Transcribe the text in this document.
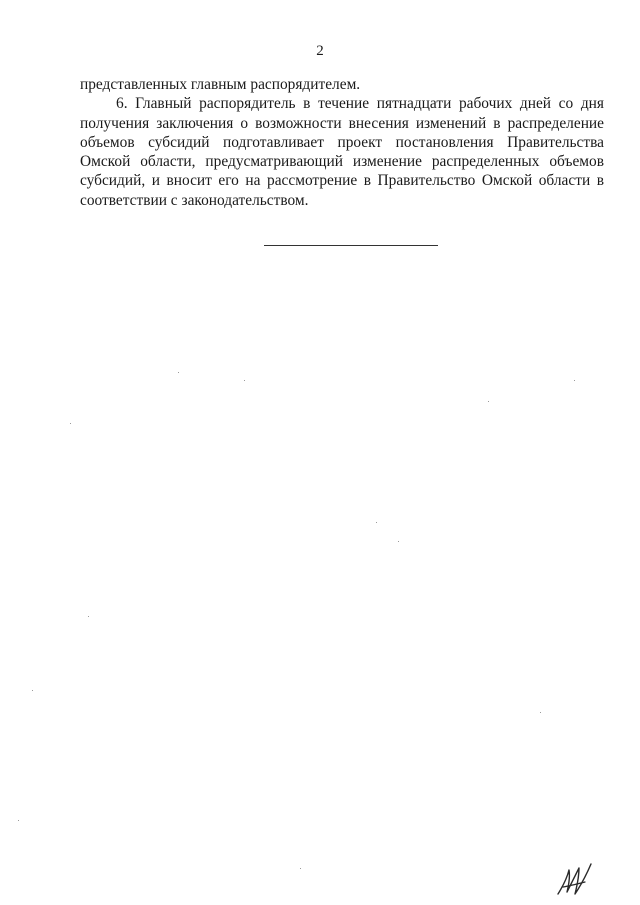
2

представленных главным распорядителем.

6. Главный распорядитель в течение пятнадцати рабочих дней со дня получения заключения о возможности внесения изменений в распределение объемов субсидий подготавливает проект постановления Правительства Омской области, предусматривающий изменение распределенных объемов субсидий, и вносит его на рассмотрение в Правительство Омской области в соответствии с законодательством.
